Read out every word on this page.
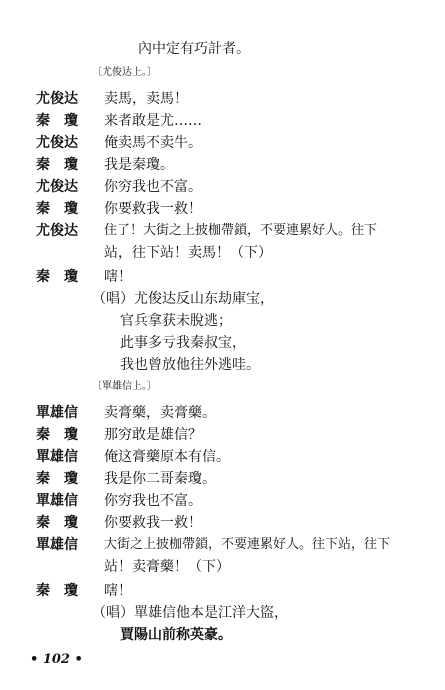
內中定有巧計者。
〔尤俊达上。〕
尤俊达	卖馬，卖馬！
秦　瓊	来者敢是尤……
尤俊达	俺卖馬不卖牛。
秦　瓊	我是秦瓊。
尤俊达	你穷我也不富。
秦　瓊	你要救我一救！
尤俊达	住了！大街之上披枷帶鎖，不要連累好人。往下
站，往下站！卖馬！（下）
秦　瓊	嗐！
（唱）尤俊达反山东劫庫宝，
官兵拿获未脫逃；
此事多亏我秦叔宝，
我也曾放他往外逃哇。
〔單雄信上。〕
單雄信	卖膏藥，卖膏藥。
秦　瓊	那穷敢是雄信？
單雄信	俺这膏藥原本有信。
秦　瓊	我是你二哥秦瓊。
單雄信	你穷我也不富。
秦　瓊	你要救我一救！
單雄信	大街之上披枷帶鎖，不要連累好人。往下站，往下
站！卖膏藥！（下）
秦　瓊	嗐！
（唱）單雄信他本是江洋大盜，
賈陽山前称英豪。
• 102 •
